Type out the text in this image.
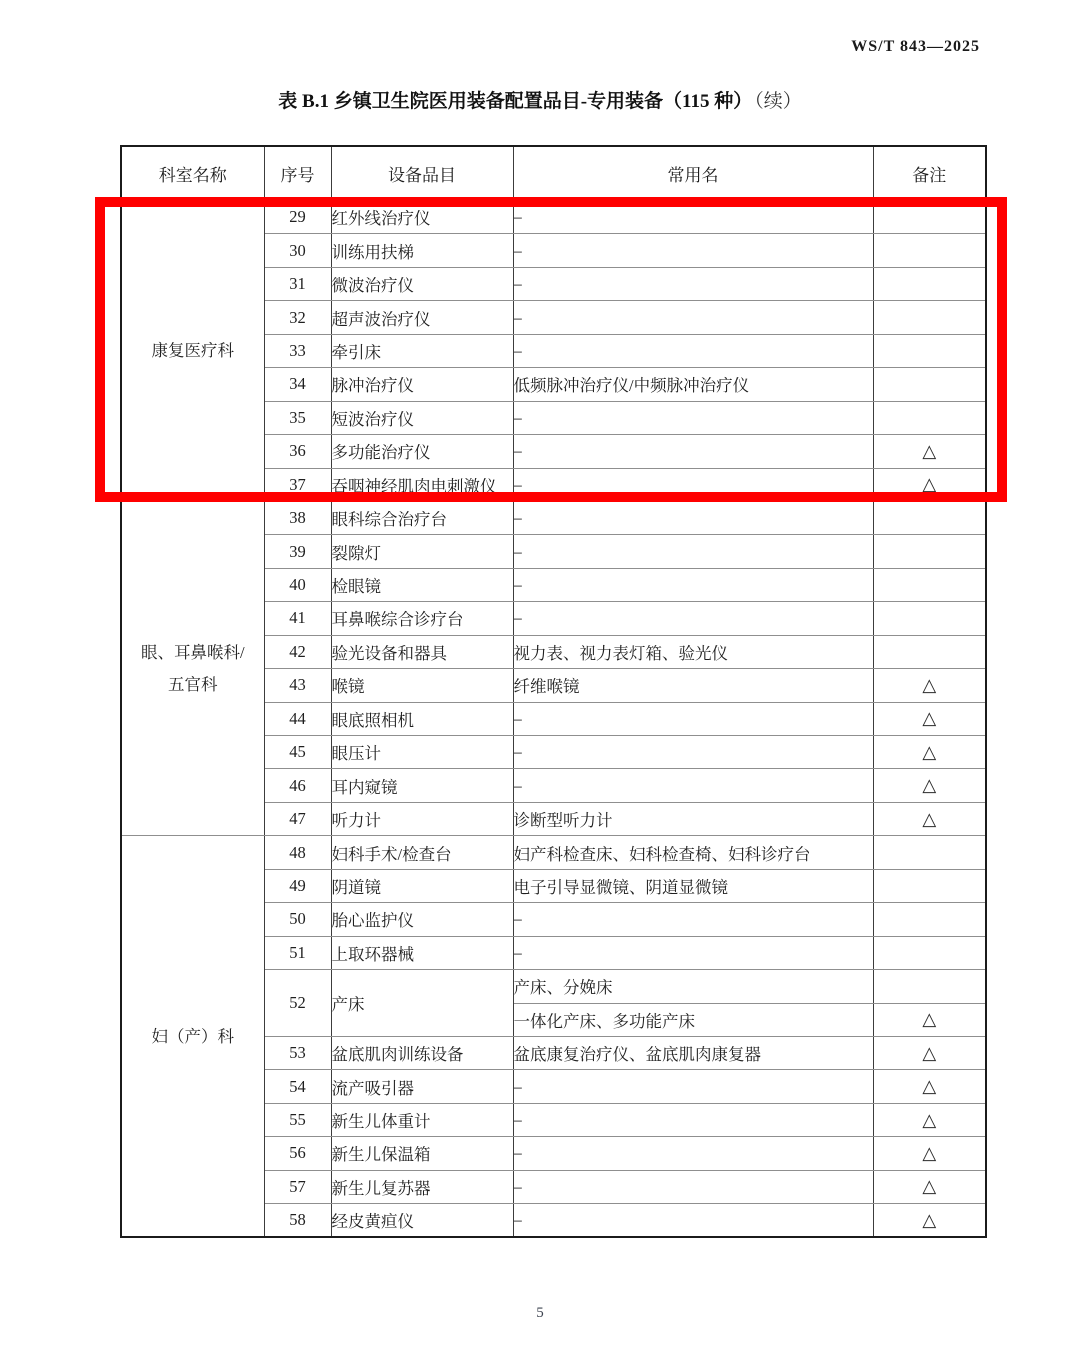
WS/T 843—2025
表 B.1 乡镇卫生院医用装备配置品目-专用装备（115 种） （续）
科室名称	序号	设备品目	常用名	备注
康复医疗科	29	红外线治疗仪	–	
	30	训练用扶梯	–	
	31	微波治疗仪	–	
	32	超声波治疗仪	–	
	33	牵引床	–	
	34	脉冲治疗仪	低频脉冲治疗仪/中频脉冲治疗仪	
	35	短波治疗仪	–	
	36	多功能治疗仪	–	△
	37	吞咽神经肌肉电刺激仪	–	△
眼、耳鼻喉科/
五官科	38	眼科综合治疗台	–	
	39	裂隙灯	–	
	40	检眼镜	–	
	41	耳鼻喉综合诊疗台	–	
	42	验光设备和器具	视力表、视力表灯箱、验光仪	
	43	喉镜	纤维喉镜	△
	44	眼底照相机	–	△
	45	眼压计	–	△
	46	耳内窥镜	–	△
	47	听力计	诊断型听力计	△
妇（产）科	48	妇科手术/检查台	妇产科检查床、妇科检查椅、妇科诊疗台	
	49	阴道镜	电子引导显微镜、阴道显微镜	
	50	胎心监护仪	–	
	51	上取环器械	–	
	52	产床	产床、分娩床	
			一体化产床、多功能产床	△
	53	盆底肌肉训练设备	盆底康复治疗仪、盆底肌肉康复器	△
	54	流产吸引器	–	△
	55	新生儿体重计	–	△
	56	新生儿保温箱	–	△
	57	新生儿复苏器	–	△
	58	经皮黄疸仪	–	△
5
